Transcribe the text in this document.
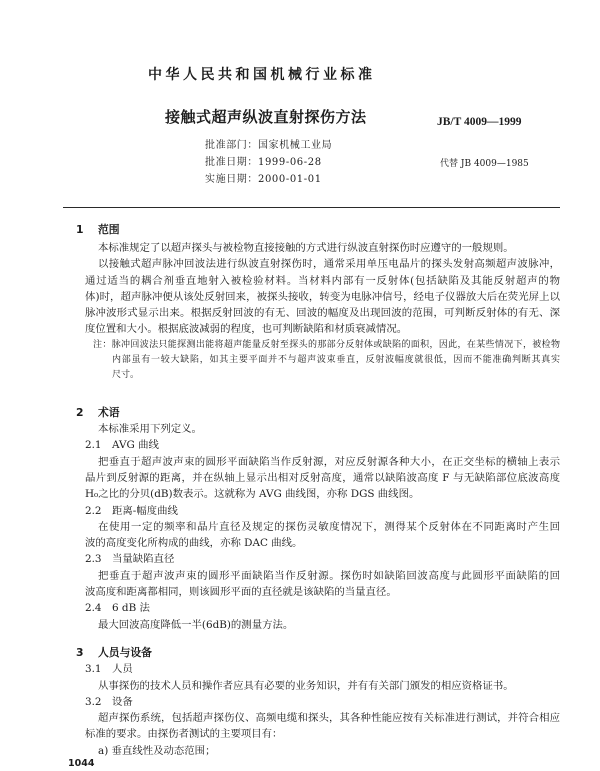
中华人民共和国机械行业标准
接触式超声纵波直射探伤方法	JB/T 4009—1999
批准部门：国家机械工业局
批准日期：1999-06-28
实施日期：2000-01-01
代替 JB 4009—1985
1 范围
本标准规定了以超声探头与被检物直接接触的方式进行纵波直射探伤时应遵守的一般规则。
以接触式超声脉冲回波法进行纵波直射探伤时，通常采用单压电晶片的探头发射高频超声波脉冲，
通过适当的耦合剂垂直地射入被检验材料。当材料内部有一反射体(包括缺陷及其能反射超声的物
体)时，超声脉冲便从该处反射回来，被探头接收，转变为电脉冲信号，经电子仪器放大后在荧光屏上以
脉冲波形式显示出来。根据反射回波的有无、回波的幅度及出现回波的范围，可判断反射体的有无、深
度位置和大小。根据底波减弱的程度，也可判断缺陷和材质衰减情况。
注：脉冲回波法只能探测出能将超声能量反射至探头的那部分反射体或缺陷的面积，因此，在某些情况下，被检物
内部虽有一较大缺陷，如其主要平面并不与超声波束垂直，反射波幅度就很低，因而不能准确判断其真实
尺寸。
2 术语
本标准采用下列定义。
2.1 AVG 曲线
把垂直于超声波声束的圆形平面缺陷当作反射源，对应反射源各种大小，在正交坐标的横轴上表示
晶片到反射源的距离，并在纵轴上显示出相对反射高度，通常以缺陷波高度 F 与无缺陷部位底波高度
H₀之比的分贝(dB)数表示。这就称为 AVG 曲线图，亦称 DGS 曲线图。
2.2 距离-幅度曲线
在使用一定的频率和晶片直径及规定的探伤灵敏度情况下，测得某个反射体在不同距离时产生回
波的高度变化所构成的曲线，亦称 DAC 曲线。
2.3 当量缺陷直径
把垂直于超声波声束的圆形平面缺陷当作反射源。探伤时如缺陷回波高度与此圆形平面缺陷的回
波高度和距离都相同，则该圆形平面的直径就是该缺陷的当量直径。
2.4 6 dB 法
最大回波高度降低一半(6dB)的测量方法。
3 人员与设备
3.1 人员
从事探伤的技术人员和操作者应具有必要的业务知识，并有有关部门颁发的相应资格证书。
3.2 设备
超声探伤系统，包括超声探伤仪、高频电缆和探头，其各种性能应按有关标准进行测试，并符合相应
标准的要求。由探伤者测试的主要项目有：
a) 垂直线性及动态范围；
1044
